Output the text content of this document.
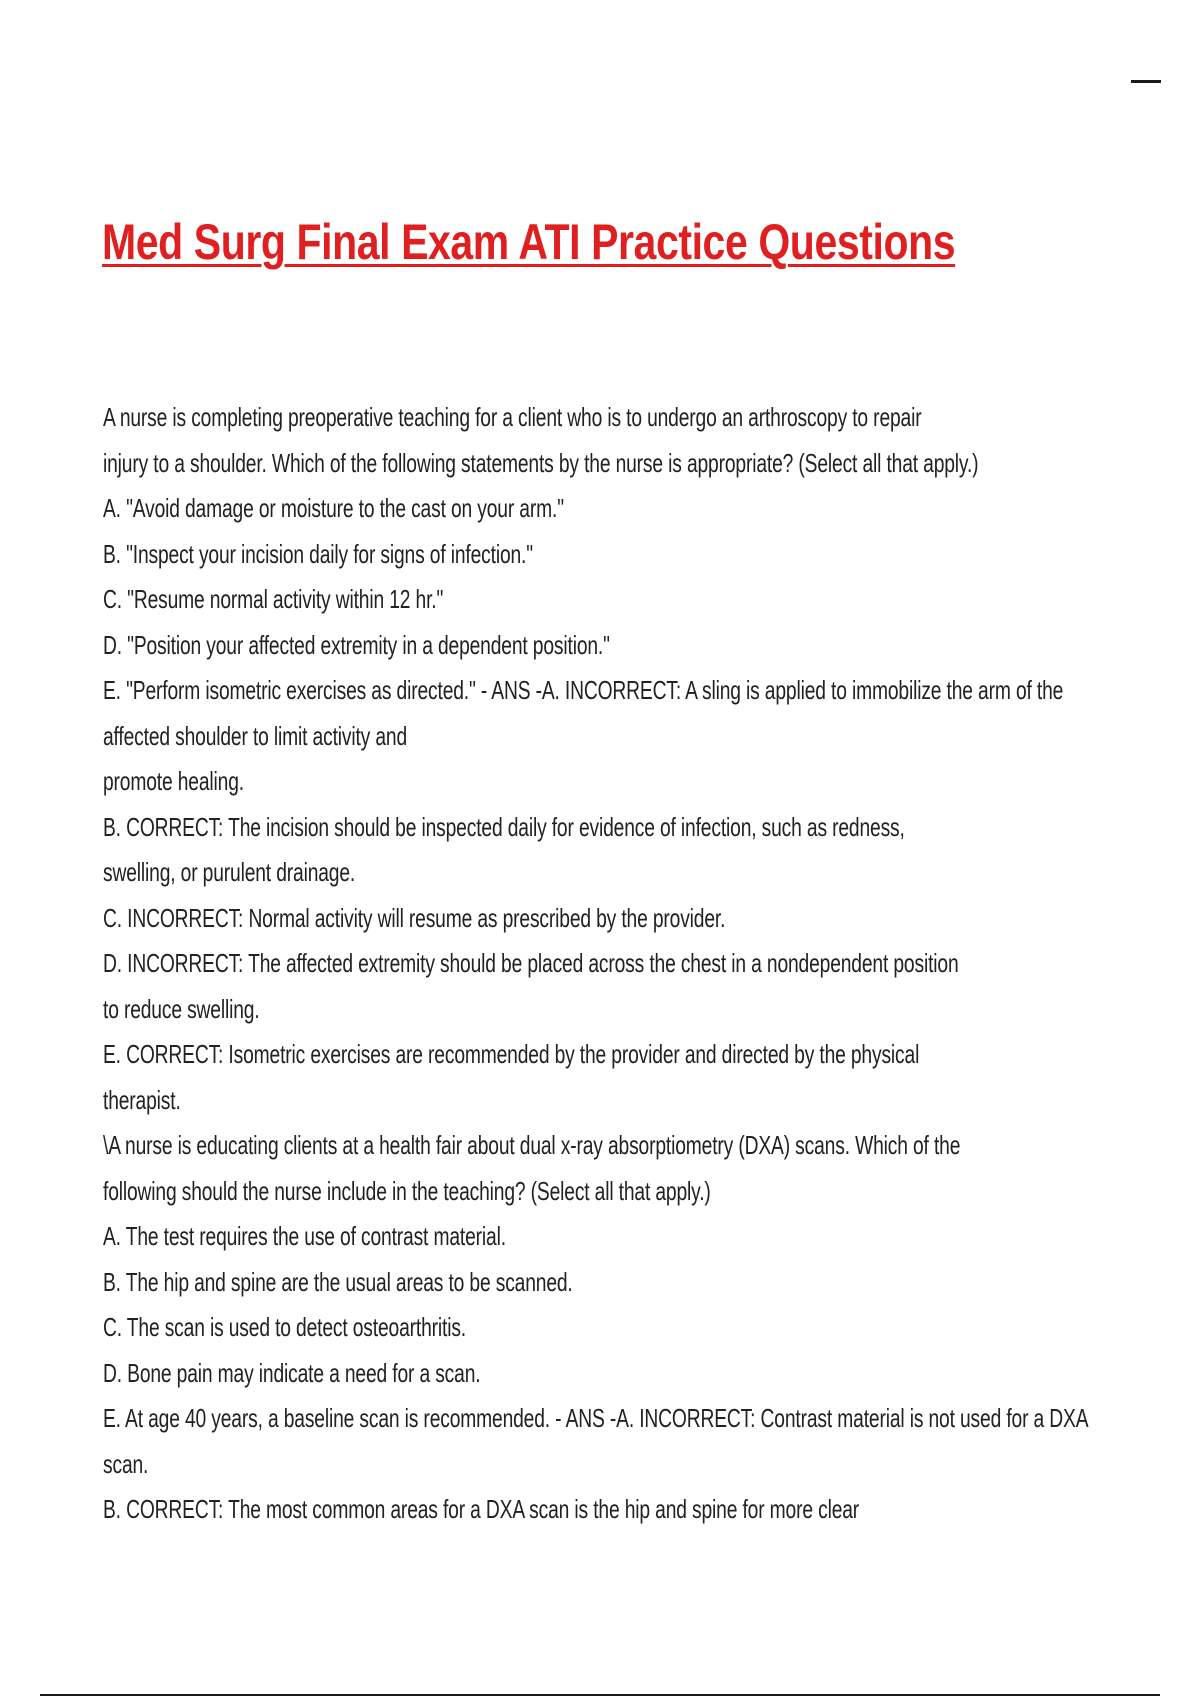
Med Surg Final Exam ATI Practice Questions
A nurse is completing preoperative teaching for a client who is to undergo an arthroscopy to repair
injury to a shoulder. Which of the following statements by the nurse is appropriate? (Select all that apply.)
A. "Avoid damage or moisture to the cast on your arm."
B. "Inspect your incision daily for signs of infection."
C. "Resume normal activity within 12 hr."
D. "Position your affected extremity in a dependent position."
E. "Perform isometric exercises as directed." - ANS -A. INCORRECT: A sling is applied to immobilize the arm of the
affected shoulder to limit activity and
promote healing.
B. CORRECT: The incision should be inspected daily for evidence of infection, such as redness,
swelling, or purulent drainage.
C. INCORRECT: Normal activity will resume as prescribed by the provider.
D. INCORRECT: The affected extremity should be placed across the chest in a nondependent position
to reduce swelling.
E. CORRECT: Isometric exercises are recommended by the provider and directed by the physical
therapist.
\A nurse is educating clients at a health fair about dual x-ray absorptiometry (DXA) scans. Which of the
following should the nurse include in the teaching? (Select all that apply.)
A. The test requires the use of contrast material.
B. The hip and spine are the usual areas to be scanned.
C. The scan is used to detect osteoarthritis.
D. Bone pain may indicate a need for a scan.
E. At age 40 years, a baseline scan is recommended. - ANS -A. INCORRECT: Contrast material is not used for a DXA
scan.
B. CORRECT: The most common areas for a DXA scan is the hip and spine for more clear
